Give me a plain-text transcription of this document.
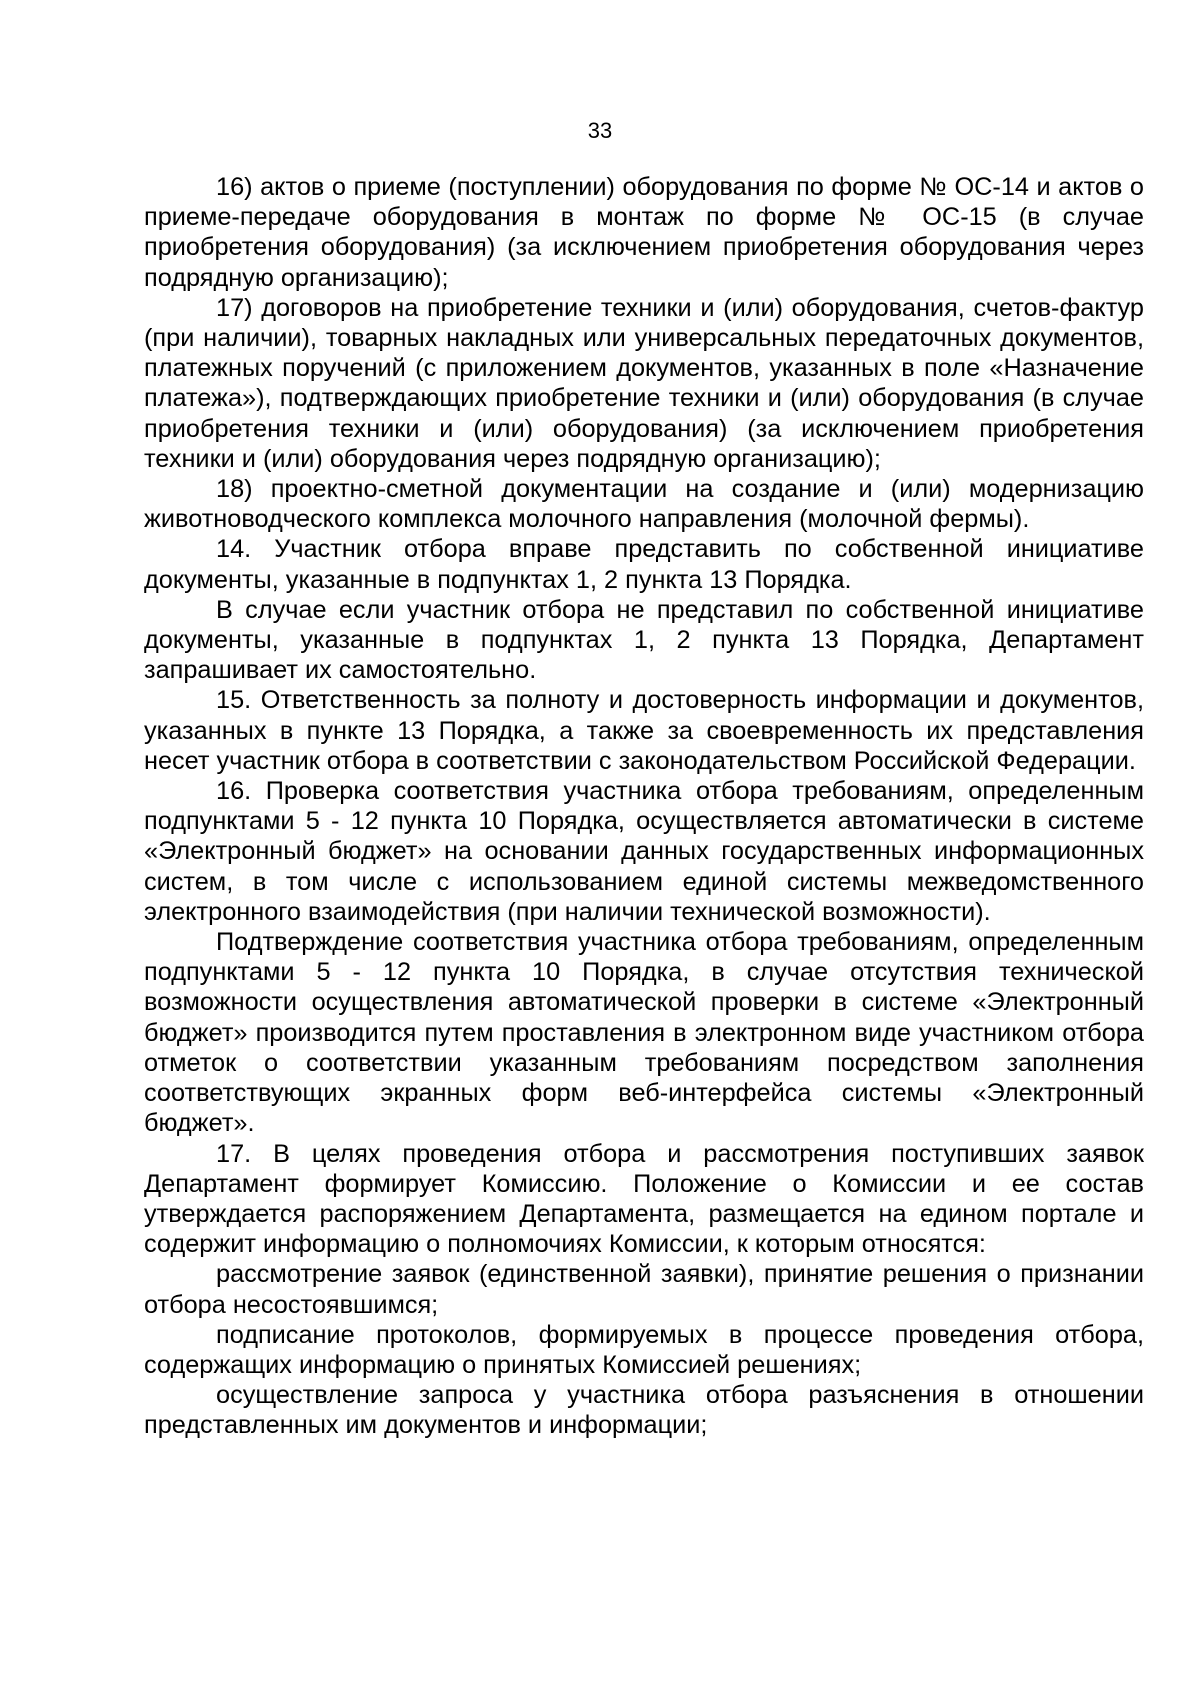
33

16) актов о приеме (поступлении) оборудования по форме № ОС-14 и актов о приеме-передаче оборудования в монтаж по форме № ОС-15 (в случае приобретения оборудования) (за исключением приобретения оборудования через подрядную организацию);

17) договоров на приобретение техники и (или) оборудования, счетов-фактур (при наличии), товарных накладных или универсальных передаточных документов, платежных поручений (с приложением документов, указанных в поле «Назначение платежа»), подтверждающих приобретение техники и (или) оборудования (в случае приобретения техники и (или) оборудования) (за исключением приобретения техники и (или) оборудования через подрядную организацию);

18) проектно-сметной документации на создание и (или) модернизацию животноводческого комплекса молочного направления (молочной фермы).

14. Участник отбора вправе представить по собственной инициативе документы, указанные в подпунктах 1, 2 пункта 13 Порядка.

В случае если участник отбора не представил по собственной инициативе документы, указанные в подпунктах 1, 2 пункта 13 Порядка, Департамент запрашивает их самостоятельно.

15. Ответственность за полноту и достоверность информации и документов, указанных в пункте 13 Порядка, а также за своевременность их представления несет участник отбора в соответствии с законодательством Российской Федерации.

16. Проверка соответствия участника отбора требованиям, определенным подпунктами 5 - 12 пункта 10 Порядка, осуществляется автоматически в системе «Электронный бюджет» на основании данных государственных информационных систем, в том числе с использованием единой системы межведомственного электронного взаимодействия (при наличии технической возможности).

Подтверждение соответствия участника отбора требованиям, определенным подпунктами 5 - 12 пункта 10 Порядка, в случае отсутствия технической возможности осуществления автоматической проверки в системе «Электронный бюджет» производится путем проставления в электронном виде участником отбора отметок о соответствии указанным требованиям посредством заполнения соответствующих экранных форм веб-интерфейса системы «Электронный бюджет».

17. В целях проведения отбора и рассмотрения поступивших заявок Департамент формирует Комиссию. Положение о Комиссии и ее состав утверждается распоряжением Департамента, размещается на едином портале и содержит информацию о полномочиях Комиссии, к которым относятся:

рассмотрение заявок (единственной заявки), принятие решения о признании отбора несостоявшимся;

подписание протоколов, формируемых в процессе проведения отбора, содержащих информацию о принятых Комиссией решениях;

осуществление запроса у участника отбора разъяснения в отношении представленных им документов и информации;
